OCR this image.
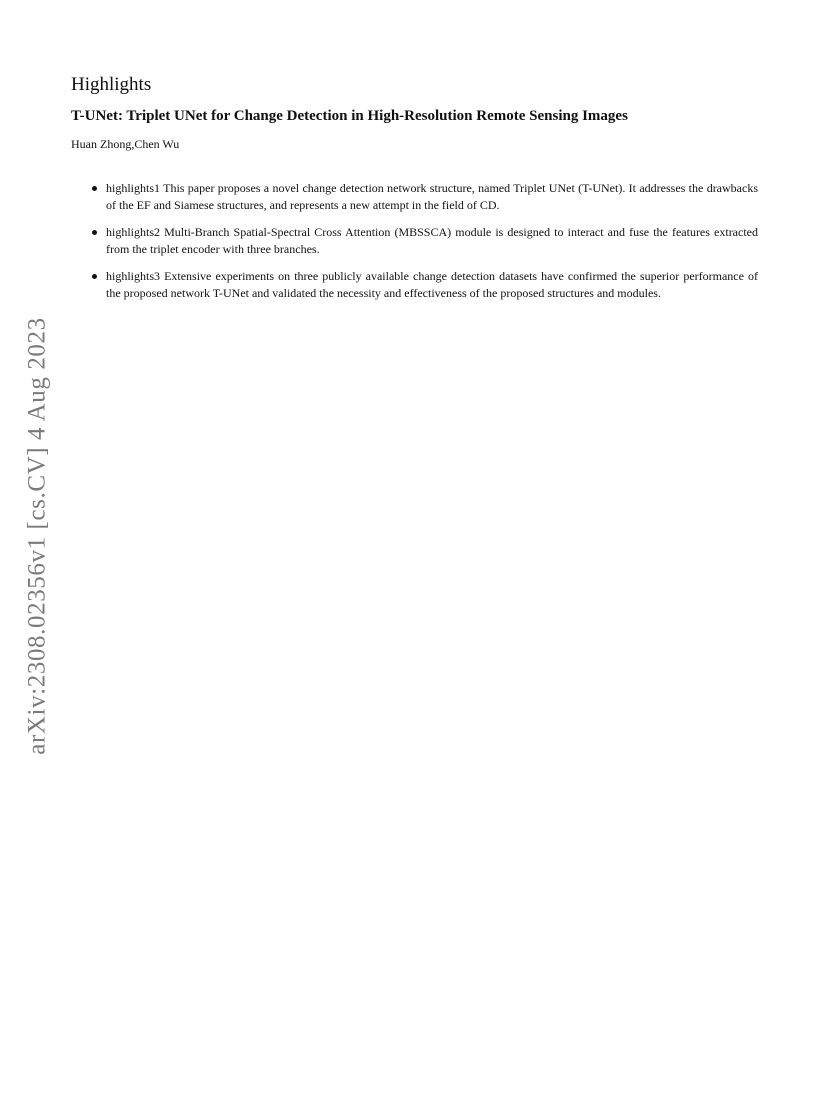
arXiv:2308.02356v1 [cs.CV] 4 Aug 2023
Highlights
T-UNet: Triplet UNet for Change Detection in High-Resolution Remote Sensing Images

Huan Zhong,Chen Wu

highlights1 This paper proposes a novel change detection network structure, named Triplet UNet (T-UNet). It addresses the drawbacks of the EF and Siamese structures, and represents a new attempt in the field of CD.
highlights2 Multi-Branch Spatial-Spectral Cross Attention (MBSSCA) module is designed to interact and fuse the features extracted from the triplet encoder with three branches.
highlights3 Extensive experiments on three publicly available change detection datasets have confirmed the superior performance of the proposed network T-UNet and validated the necessity and effectiveness of the proposed structures and modules.
